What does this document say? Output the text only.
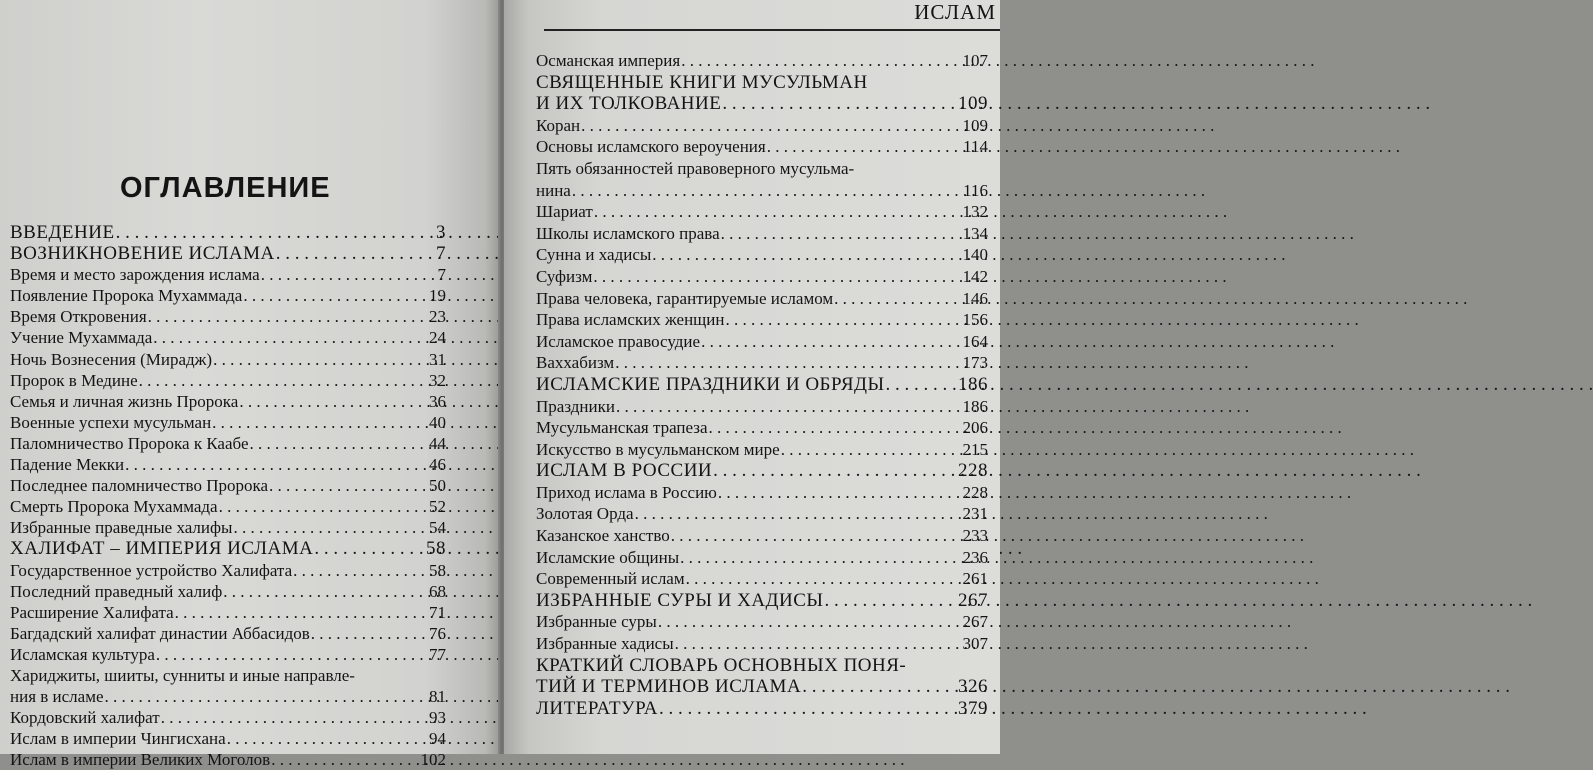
ОГЛАВЛЕНИЕ
ВВЕДЕНИЕ . . .	3
ВОЗНИКНОВЕНИЕ ИСЛАМА . . .	7
Время и место зарождения ислама . . .	7
Появление Пророка Мухаммада . . .	19
Время Откровения . . .	23
Учение Мухаммада . . .	24
Ночь Вознесения (Мирадж) . . .	31
Пророк в Медине . . .	32
Семья и личная жизнь Пророка . . .	36
Военные успехи мусульман . . .	40
Паломничество Пророка к Каабе . . .	44
Падение Мекки . . .	46
Последнее паломничество Пророка . . .	50
Смерть Пророка Мухаммада . . .	52
Избранные праведные халифы . . .	54
ХАЛИФАТ – ИМПЕРИЯ ИСЛАМА . . .	58
Государственное устройство Халифата . . .	58
Последний праведный халиф . . .	68
Расширение Халифата . . .	71
Багдадский халифат династии Аббасидов . . .	76
Исламская культура . . .	77
Хариджиты, шииты, сунниты и иные направле-
ния в исламе . . .	81
Кордовский халифат . . .	93
Ислам в империи Чингисхана . . .	94
Ислам в империи Великих Моголов . . .	102
ИСЛАМ
Османская империя . . .	107
СВЯЩЕННЫЕ КНИГИ МУСУЛЬМАН
И ИХ ТОЛКОВАНИЕ . . .	109
Коран . . .	109
Основы исламского вероучения . . .	114
Пять обязанностей правоверного мусульма-
нина . . .	116
Шариат . . .	132
Школы исламского права . . .	134
Сунна и хадисы . . .	140
Суфизм . . .	142
Права человека, гарантируемые исламом . . .	146
Права исламских женщин . . .	156
Исламское правосудие . . .	164
Ваххабизм . . .	173
ИСЛАМСКИЕ ПРАЗДНИКИ И ОБРЯДЫ . . .	186
Праздники . . .	186
Мусульманская трапеза . . .	206
Искусство в мусульманском мире . . .	215
ИСЛАМ В РОССИИ . . .	228
Приход ислама в Россию . . .	228
Золотая Орда . . .	231
Казанское ханство . . .	233
Исламские общины . . .	236
Современный ислам . . .	261
ИЗБРАННЫЕ СУРЫ И ХАДИСЫ . . .	267
Избранные суры . . .	267
Избранные хадисы . . .	307
КРАТКИЙ СЛОВАРЬ ОСНОВНЫХ ПОНЯ-
ТИЙ И ТЕРМИНОВ ИСЛАМА . . .	326
ЛИТЕРАТУРА . . .	379
